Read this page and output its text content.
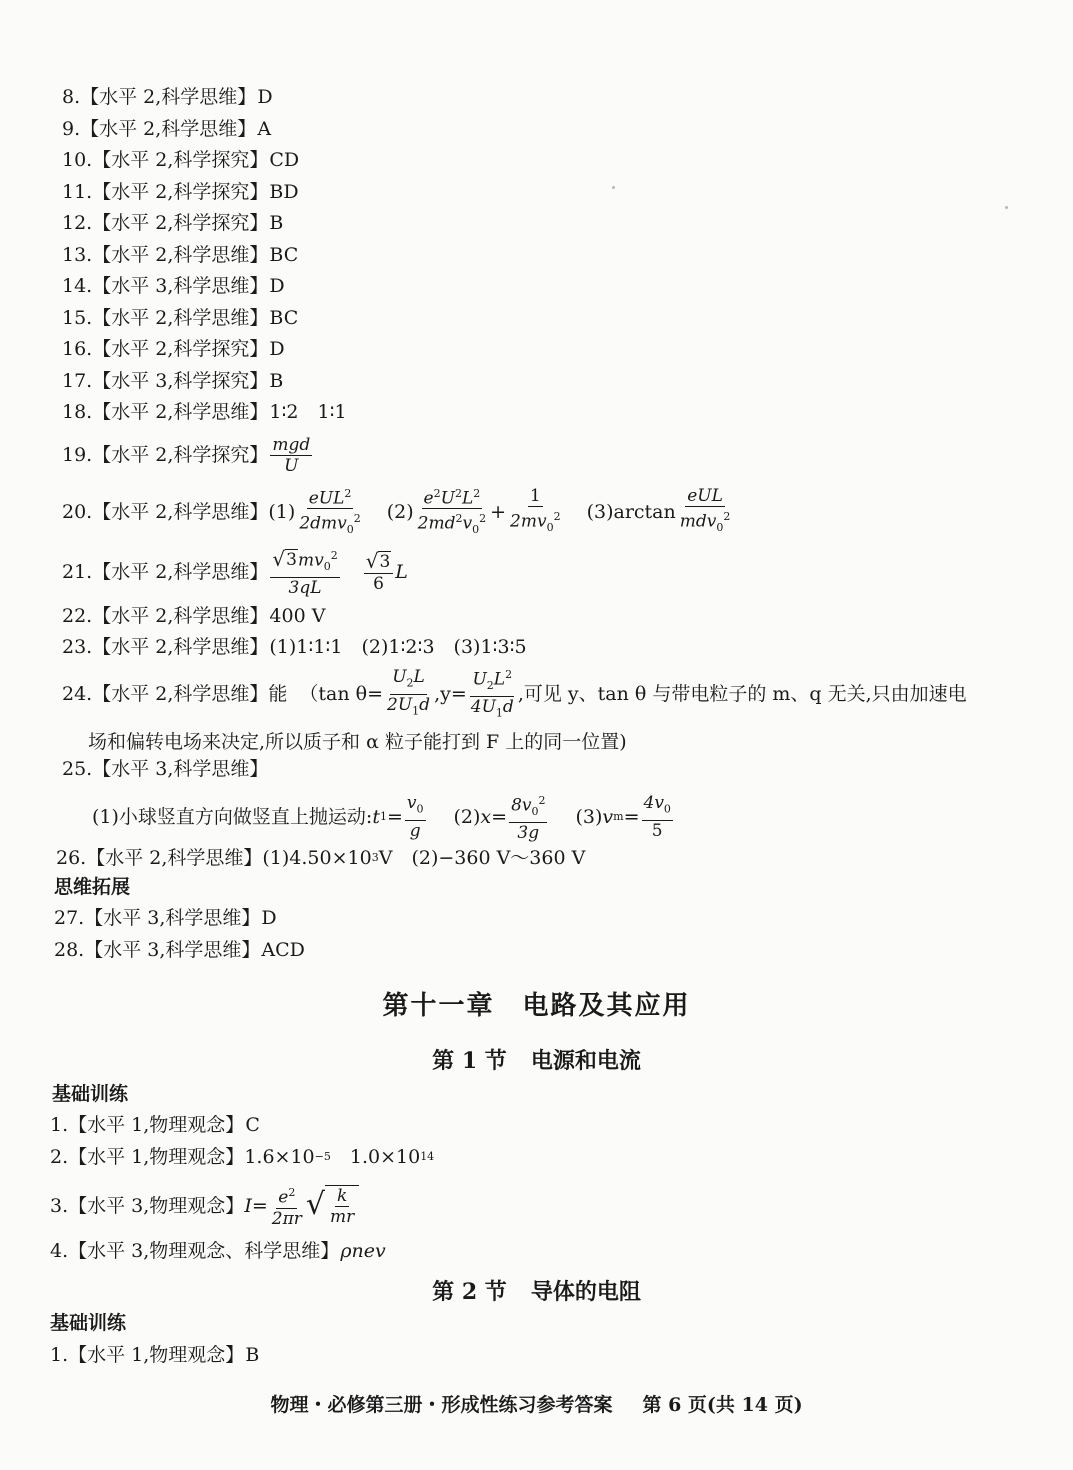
8. 【水平 2,科学思维】 D
9. 【水平 2,科学思维】 A
10. 【水平 2,科学探究】 CD
11. 【水平 2,科学探究】 BD
12. 【水平 2,科学探究】 B
13. 【水平 2,科学思维】 BC
14. 【水平 3,科学思维】 D
15. 【水平 2,科学思维】 BC
16. 【水平 2,科学探究】 D
17. 【水平 3,科学探究】 B
18. 【水平 2,科学思维】 1∶2　1∶1
19. 【水平 2,科学探究】 $\frac{\text{mgd}}{U}$
20. 【水平 2,科学思维】 $(1) \frac{eUL^2}{2dmv_0^2} (2) \frac{e^2U^2L^2}{2md^2v_0^2} + \frac{1}{2mv_0^2} (3)\arctan \frac{\text{eUL}}{mdv_0^2}$
21. 【水平 2,科学思维】 $\frac{√ 3 mv_0^2}{3qL} \frac{√ 3}{6}$ L
22. 【水平 2,科学思维】 400 V
23. 【水平 2,科学思维】 (1)1∶1∶1　(2)1∶2∶3　(3)1∶3∶5
24. 【水平 2,科学思维】 能 （tan $\theta= \frac{U_2L}{2U_1d} ,y= \frac{U_2L^2}{4U_1d}$ ,可见 y、tan θ 与带电粒子的 m、q 无关,只由加速电
场和偏转电场来决定,所以质子和 α 粒子能打到 F 上的同一位置)
25. 【水平 3,科学思维】
(1)小球竖直方向做竖直上抛运动: t $1 = \frac{v_0}{g} (2) x = \frac{8v_0^2}{3g} (3)$ v $m = \frac{4v_0}{5}$
26. 【水平 2,科学思维】 (1)4.50×10 3 V　(2)−360 V～360 V
思维拓展
27. 【水平 3,科学思维】 D
28. 【水平 3,科学思维】 ACD
第十一章 电路及其应用
第 1 节 电源和电流
基础训练
1. 【水平 1,物理观念】 C
2. 【水平 1,物理观念】 1.6×10 −5 　1.0×10 14
3. 【水平 3,物理观念】 $I = \frac{e^2}{2\pi r}$ √ $\frac{k}{mr}$
4. 【水平 3,物理观念、科学思维】 ρnev
第 2 节 导体的电阻
基础训练
1. 【水平 1,物理观念】 B
物理・必修第三册・形成性练习参考答案 第 6 页(共 14 页)
